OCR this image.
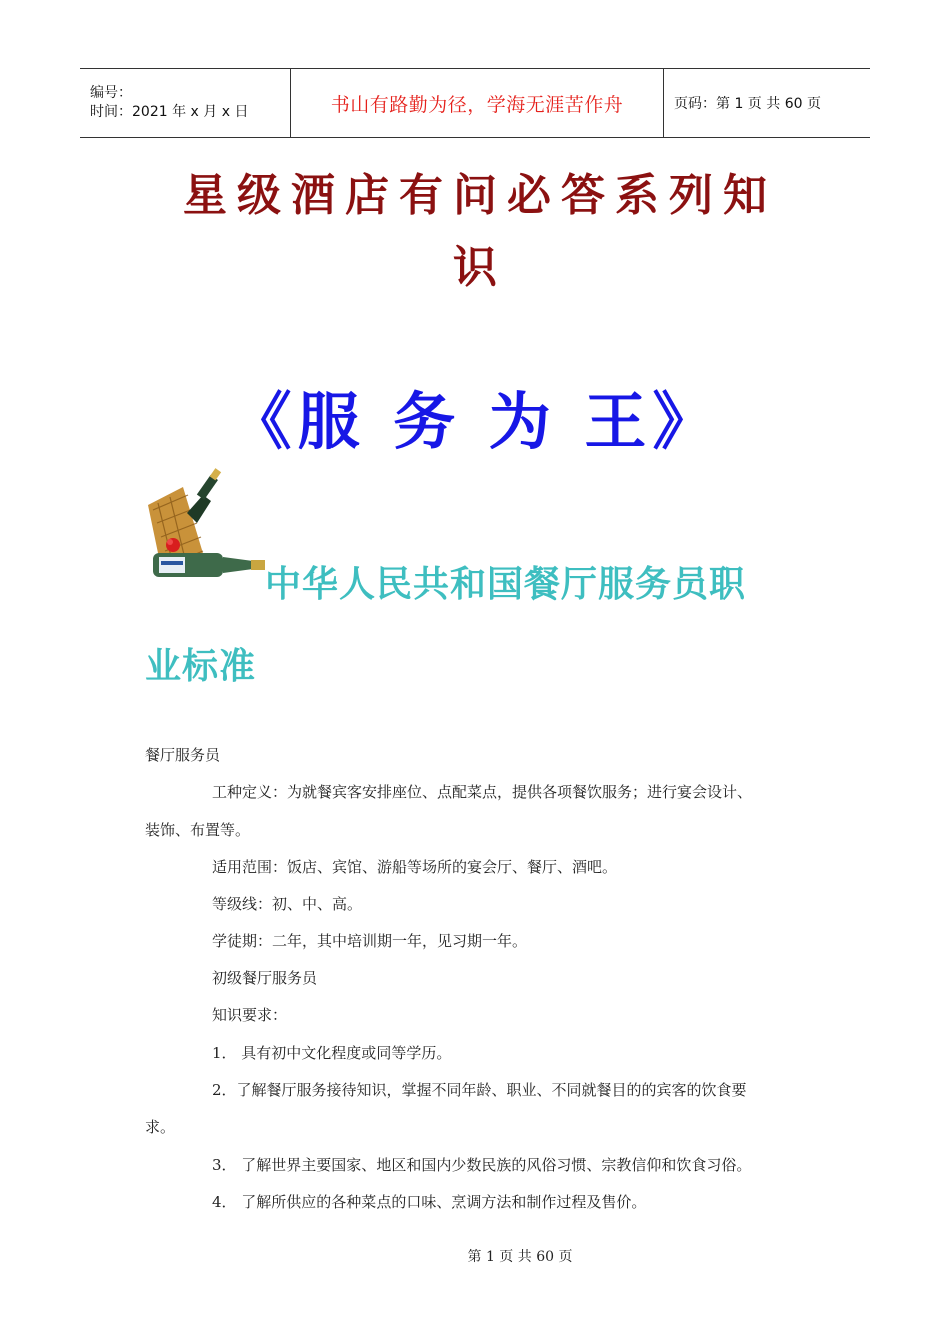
编号：
时间：2021 年 x 月 x 日	书山有路勤为径，学海无涯苦作舟	页码：第 1 页 共 60 页
星级酒店有问必答系列知
识
《服 务 为 王》
中华人民共和国餐厅服务员职
业标准
餐厅服务员
工种定义：为就餐宾客安排座位、点配菜点，提供各项餐饮服务；进行宴会设计、
装饰、布置等。
适用范围：饭店、宾馆、游船等场所的宴会厅、餐厅、酒吧。
等级线：初、中、高。
学徒期：二年，其中培训期一年，见习期一年。
初级餐厅服务员
知识要求：
1． 具有初中文化程度或同等学历。
2．了解餐厅服务接待知识，掌握不同年龄、职业、不同就餐目的的宾客的饮食要
求。
3． 了解世界主要国家、地区和国内少数民族的风俗习惯、宗教信仰和饮食习俗。
4． 了解所供应的各种菜点的口味、烹调方法和制作过程及售价。
第 1 页 共 60 页
